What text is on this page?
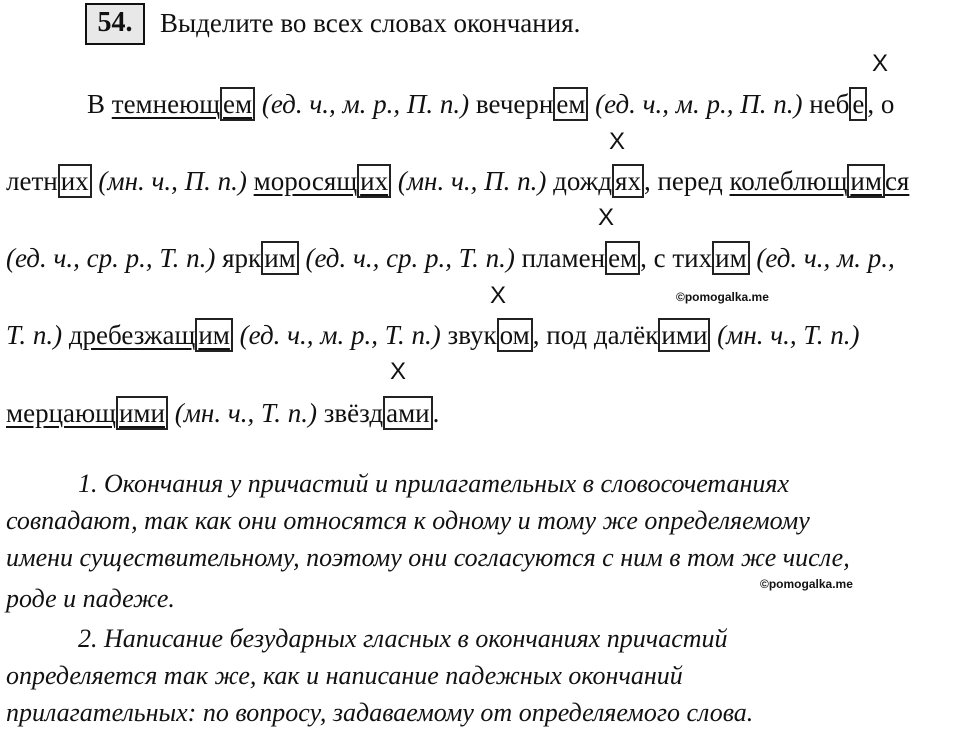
54.	Выделите во всех словах окончания.
X
X
X
X
X
В темнеющ ем (ед. ч., м. р., П. п.) вечерн ем (ед. ч., м. р., П. п.) неб е , о
летн их (мн. ч., П. п.) моросящ их (мн. ч., П. п.) дожд ях , перед колеблющ им ся
(ед. ч., ср. р., Т. п.) ярк им (ед. ч., ср. р., Т. п.) пламен ем , с тих им (ед. ч., м. р.,
©pomogalka.me
Т. п.) дребезжащ им (ед. ч., м. р., Т. п.) звук ом , под далёк ими (мн. ч., Т. п.)
мерцающ ими (мн. ч., Т. п.) звёзд ами .
1. Окончания у причастий и прилагательных в словосочетаниях
совпадают, так как они относятся к одному и тому же определяемому
имени существительному, поэтому они согласуются с ним в том же числе,
роде и падеже.	©pomogalka.me
2. Написание безударных гласных в окончаниях причастий
определяется так же, как и написание падежных окончаний
прилагательных: по вопросу, задаваемому от определяемого слова.
